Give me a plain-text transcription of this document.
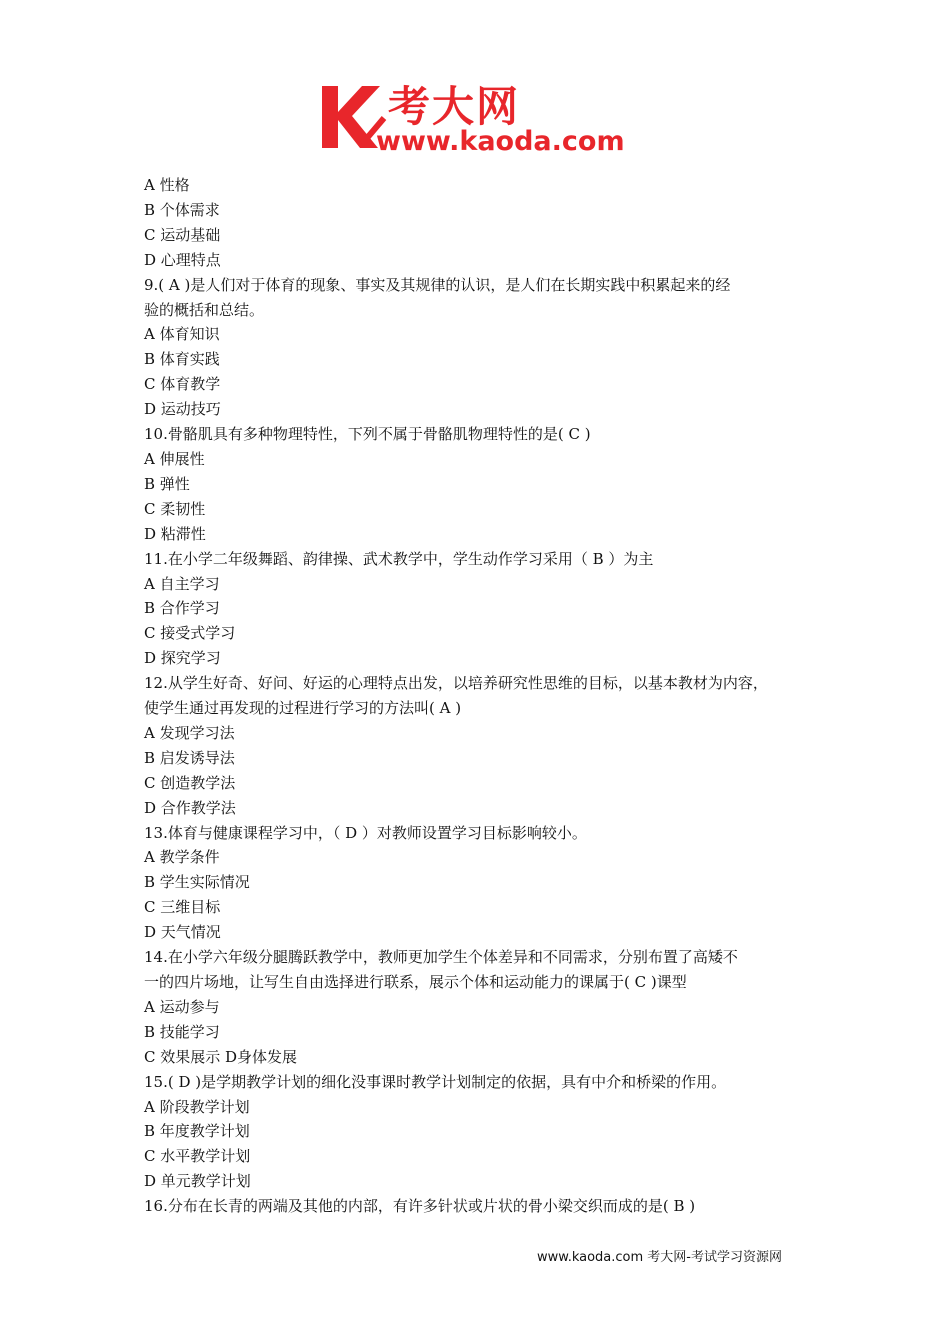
考大网
www.kaoda.com
A 性格
B 个体需求
C 运动基础
D 心理特点
9.( A )是人们对于体育的现象、事实及其规律的认识，是人们在长期实践中积累起来的经
验的概括和总结。
A 体育知识
B 体育实践
C 体育教学
D 运动技巧
10.骨骼肌具有多种物理特性，下列不属于骨骼肌物理特性的是( C )
A 伸展性
B 弹性
C 柔韧性
D 粘滞性
11.在小学二年级舞蹈、韵律操、武术教学中，学生动作学习采用（ B ）为主
A 自主学习
B 合作学习
C 接受式学习
D 探究学习
12.从学生好奇、好问、好运的心理特点出发，以培养研究性思维的目标，以基本教材为内容，
使学生通过再发现的过程进行学习的方法叫( A )
A 发现学习法
B 启发诱导法
C 创造教学法
D 合作教学法
13.体育与健康课程学习中，（ D ）对教师设置学习目标影响较小。
A 教学条件
B 学生实际情况
C 三维目标
D 天气情况
14.在小学六年级分腿腾跃教学中，教师更加学生个体差异和不同需求，分别布置了高矮不
一的四片场地，让写生自由选择进行联系，展示个体和运动能力的课属于( C )课型
A 运动参与
B 技能学习
C 效果展示 D身体发展
15.( D )是学期教学计划的细化没事课时教学计划制定的依据，具有中介和桥梁的作用。
A 阶段教学计划
B 年度教学计划
C 水平教学计划
D 单元教学计划
16.分布在长青的两端及其他的内部，有许多针状或片状的骨小梁交织而成的是( B )
www.kaoda.com 考大网-考试学习资源网
